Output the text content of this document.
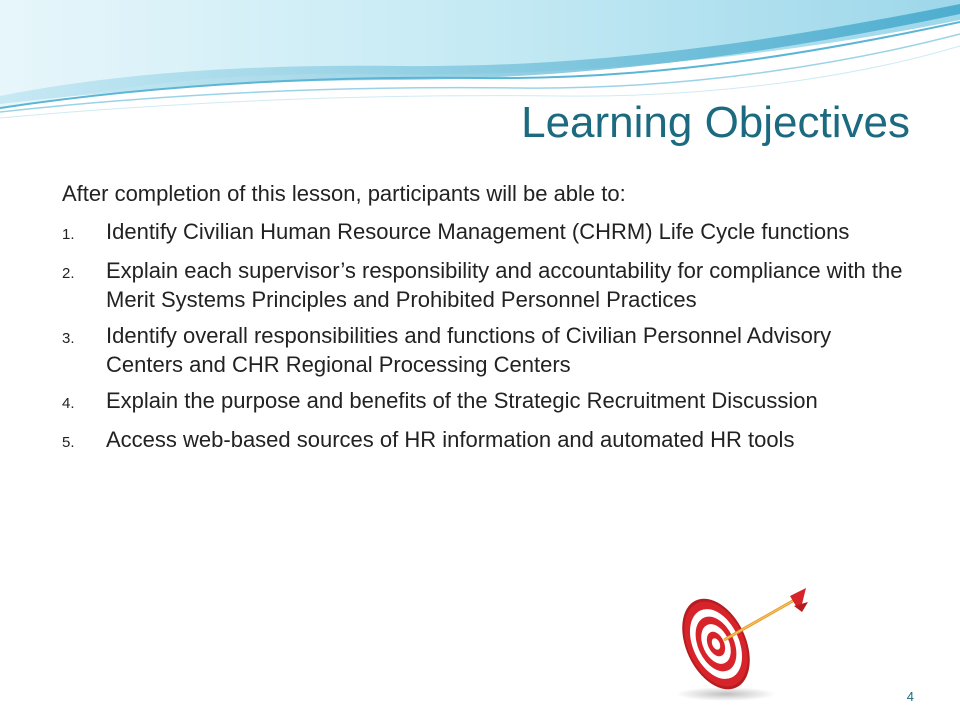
Learning Objectives

After completion of this lesson, participants will be able to:

1.	Identify Civilian Human Resource Management (CHRM) Life Cycle functions
2.	Explain each supervisor’s responsibility and accountability for compliance with the Merit Systems Principles and Prohibited Personnel Practices
3.	Identify overall responsibilities and functions of Civilian Personnel Advisory Centers and CHR Regional Processing Centers
4.	Explain the purpose and benefits of the Strategic Recruitment Discussion
5.	Access web-based sources of HR information and automated HR tools
4
